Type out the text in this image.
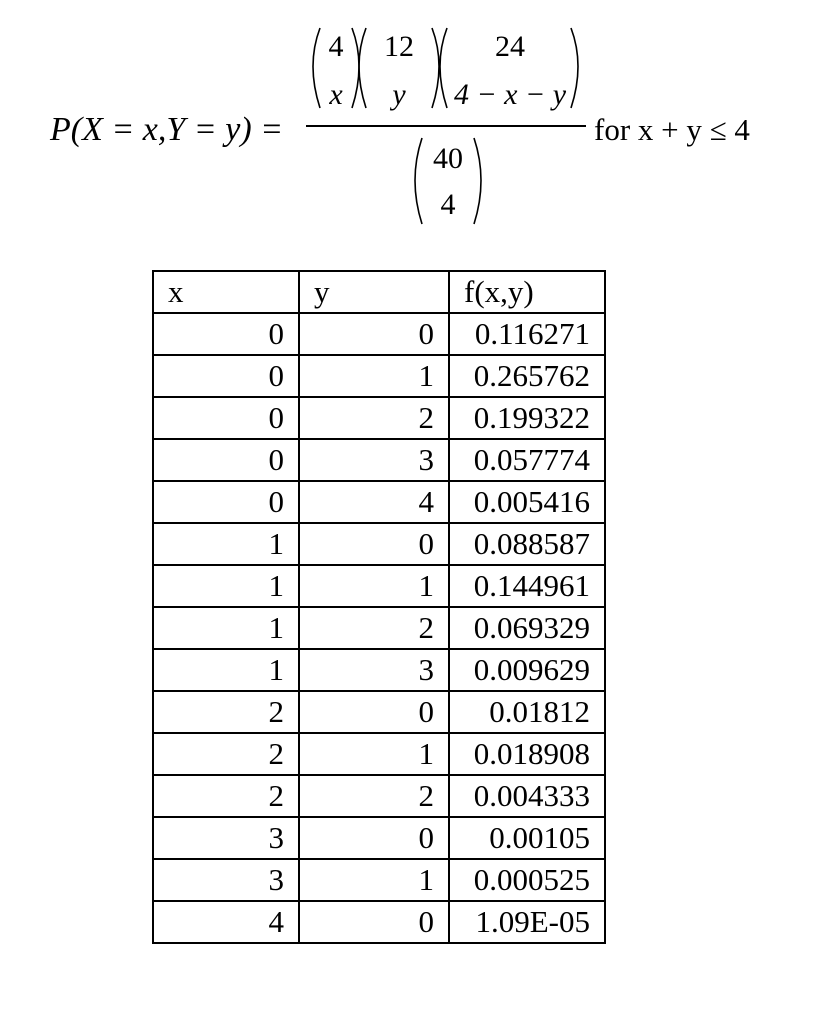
P(X = x,Y = y) =
4
x
12
y
24
4 − x − y
40
4
for x + y ≤ 4
x	y	f(x,y)
0	0	0.116271
0	1	0.265762
0	2	0.199322
0	3	0.057774
0	4	0.005416
1	0	0.088587
1	1	0.144961
1	2	0.069329
1	3	0.009629
2	0	0.01812
2	1	0.018908
2	2	0.004333
3	0	0.00105
3	1	0.000525
4	0	1.09E-05
